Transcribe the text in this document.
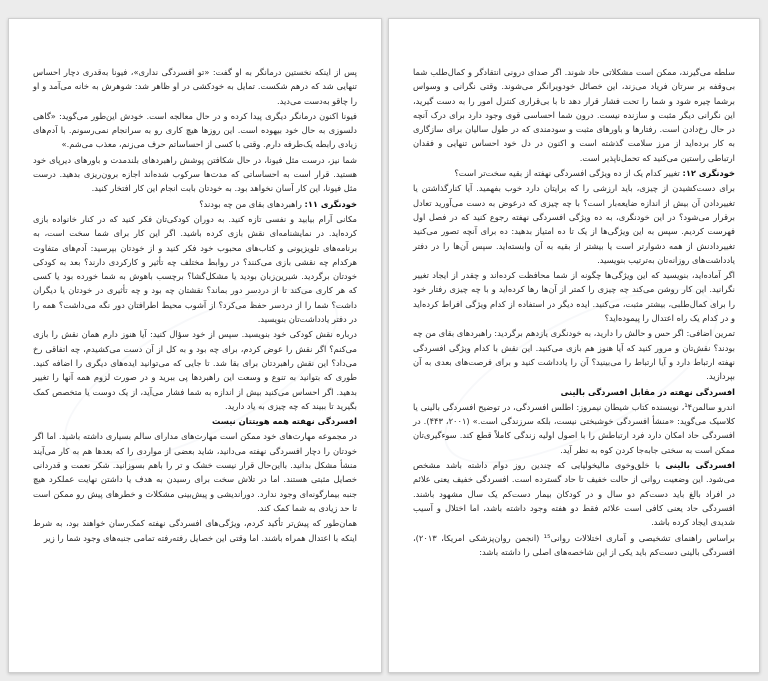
پس از اینکه نخستین درمانگر به او گفت: «تو افسردگی نداری»، فیونا به‌قدری دچار احساس تنهایی شد که درهم شکست. تمایل به خودکشی در او ظاهر شد: شوهرش به خانه می‌آمد و او را چاقو به‌دست می‌دید.

فیونا اکنون درمانگر دیگری پیدا کرده و در حال معالجه است. خودش این‌طور می‌گوید: «گاهی دلسوزی به حال خود بیهوده است. این روزها هیچ کاری رو به سرانجام نمی‌رسونم. با آدم‌های زیادی رابطه یک‌طرفه دارم. وقتی با کسی از احساساتم حرف می‌زنم، معذب می‌شم.»

شما نیز، درست مثل فیونا، در حال شکافتن پوشش راهبردهای بلندمدت و باورهای دیرپای خود هستید. قرار است به احساساتی که مدت‌ها سرکوب شده‌اند اجازه برون‌ریزی بدهید. درست مثل فیونا، این کار آسان نخواهد بود. به خودتان بابت انجام این کار افتخار کنید.

خودنگری ۱۱: راهبردهای بقای من چه بودند؟

مکانی آرام بیابید و نفسی تازه کنید. به دوران کودکی‌تان فکر کنید که در کنار خانواده بازی کرده‌اید. در نمایشنامه‌ای نقش بازی کرده باشید. اگر این کار برای شما سخت است، به برنامه‌های تلویزیونی و کتاب‌های محبوب خود فکر کنید و از خودتان بپرسید: آدم‌های متفاوت هرکدام چه نقشی بازی می‌کنند؟ در روابط مختلف چه تأثیر و کارکردی دارند؟ بعد به کودکی خودتان برگردید. شیرین‌زبان بودید یا مشکل‌گشا؟ برچسب باهوش به شما خورده بود یا کسی که هر کاری می‌کند تا از دردسر دور بماند؟ نقشتان چه بود و چه تأثیری در خودتان یا دیگران داشت؟ شما را از دردسر حفظ می‌کرد؟ از آشوب محیط اطرافتان دور نگه می‌داشت؟ همه را در دفتر یادداشت‌تان بنویسید.

درباره نقش کودکی خود بنویسید. سپس از خود سؤال کنید: آیا هنوز دارم همان نقش را بازی می‌کنم؟ اگر نقش را عوض کردم، برای چه بود و به کل از آن دست می‌کشیدم، چه اتفاقی رخ می‌داد؟ این نقش راهبردتان برای بقا شد. تا جایی که می‌توانید ایده‌های دیگری را اضافه کنید. طوری که بتوانید به تنوع و وسعت این راهبردها پی ببرید و در صورت لزوم همه آنها را تغییر بدهید. اگر احساس می‌کنید بیش از اندازه به شما فشار می‌آید، از یک دوست یا متخصص کمک بگیرید تا ببیند که چه چیزی به یاد دارید.

افسردگی نهفته همه هویتتان نیست

در مجموعه مهارت‌های خود ممکن است مهارت‌های مدارای سالم بسیاری داشته باشید. اما اگر خودتان را دچار افسردگی نهفته می‌دانید، شاید بعضی از مواردی را که بعدها هم به کار می‌آیند منشأ مشکل بدانید. بااین‌حال قرار نیست خشک و تر را باهم بسوزانید. شکر نعمت و قدردانی خصایل مثبتی هستند. اما در تلاش سخت برای رسیدن به هدف یا داشتن نهایت عملکرد هیچ جنبه بیمارگونه‌ای وجود ندارد. دوراندیشی و پیش‌بینی مشکلات و خطرهای پیش رو ممکن است تا حد زیادی به شما کمک کند.

همان‌طور که پیش‌تر تأکید کردم، ویژگی‌های افسردگی نهفته کمک‌رسان خواهند بود، به شرط اینکه با اعتدال همراه باشند. اما وقتی این خصایل رفته‌رفته تمامی جنبه‌های وجود شما را زیر

سلطه می‌گیرند، ممکن است مشکلاتی حاد شوند. اگر صدای درونی انتقادگر و کمال‌طلب شما بی‌وقفه بر سرتان فریاد می‌زند، این خصائل خودویرانگر می‌شوند. وقتی نگرانی و وسواس برشما چیره شود و شما را تحت فشار قرار دهد تا با بی‌قراری کنترل امور را به دست گیرید، این نگرانی دیگر مثبت و سازنده نیست. درون شما احساسی قوی وجود دارد برای درک آنچه در حال رخ‌دادن است. رفتارها و باورهای مثبت و سودمندی که در طول سالیان برای سازگاری به کار برده‌اید از مرز سلامت گذشته است و اکنون در دل خود احساس تنهایی و فقدان ارتباطی راستین می‌کنید که تحمل‌ناپذیر است.

خودنگری ۱۲: تغییر کدام یک از ده ویژگی افسردگی نهفته از بقیه سخت‌تر است؟

برای دست‌کشیدن از چیزی، باید ارزشی را که برایتان دارد خوب بفهمید. آیا کنارگذاشتن یا تغییردادن آن بیش از اندازه ضایعه‌بار است؟ با چه چیزی که درعوض به دست می‌آورید تعادل برقرار می‌شود؟ در این خودنگری، به ده ویژگی افسردگی نهفته رجوع کنید که در فصل اول فهرست کردیم. سپس به این ویژگی‌ها از یک تا ده امتیاز بدهید: ده برای آنچه تصور می‌کنید تغییردادنش از همه دشوارتر است یا بیشتر از بقیه به آن وابسته‌اید. سپس آن‌ها را در دفتر یادداشت‌های روزانه‌تان به‌ترتیب بنویسید.

اگر آماده‌اید، بنویسید که این ویژگی‌ها چگونه از شما محافظت کرده‌اند و چقدر از ایجاد تغییر نگرانید. این کار روشن می‌کند چه چیزی را کمتر از آن‌ها رها کرده‌اید و با چه چیزی رفتار خود را برای کمال‌طلبی، بیشتر مثبت، می‌کنید. ایده دیگر در استفاده از کدام ویژگی افراط کرده‌اید و در کدام یک راه اعتدال را پیموده‌اید؟

تمرین اضافی: اگر حس و حالش را دارید، به خودنگری یازدهم برگردید: راهبردهای بقای من چه بودند؟ نقش‌تان و مرور کنید که آیا هنوز هم بازی می‌کنید. این نقش با کدام ویژگی افسردگی نهفته ارتباط دارد و آیا ارتباط را می‌بینید؟ آن را یادداشت کنید و برای فرصت‌های بعدی به آن بپردازید.

افسردگی نهفته در مقابل افسردگی بالینی

اندرو سالمن¹۴، نویسنده کتاب شیطان نیمروز: اطلس افسردگی، در توضیح افسردگی بالینی یا کلاسیک می‌گوید: «منشأ افسردگی خوشبختی نیست، بلکه سرزندگی است.» (۲۰۰۱، ۴۴۳). در افسردگی حاد امکان دارد فرد ارتباطش را با اصول اولیه زندگی کاملاً قطع کند. سوءگیری‌تان ممکن است به سختی جابه‌جا کردن کوه به نظر آید.

افسردگی بالینی با خلق‌وخوی مالیخولیایی که چندین روز دوام داشته باشد مشخص می‌شود. این وضعیت روانی از حالت خفیف تا حاد گسترده است. افسردگی خفیف یعنی علائم در افراد بالغ باید دست‌کم دو سال و در کودکان بیمار دست‌کم یک سال مشهود باشند. افسردگی حاد یعنی کافی است علائم فقط دو هفته وجود داشته باشد، اما اختلال و آسیب شدیدی ایجاد کرده باشد.

براساس راهنمای تشخیصی و آماری اختلالات روانی¹⁵ (انجمن روان‌پزشکی امریکا، ۲۰۱۳)، افسردگی بالینی دست‌کم باید یکی از این شاخصه‌های اصلی را داشته باشد:
